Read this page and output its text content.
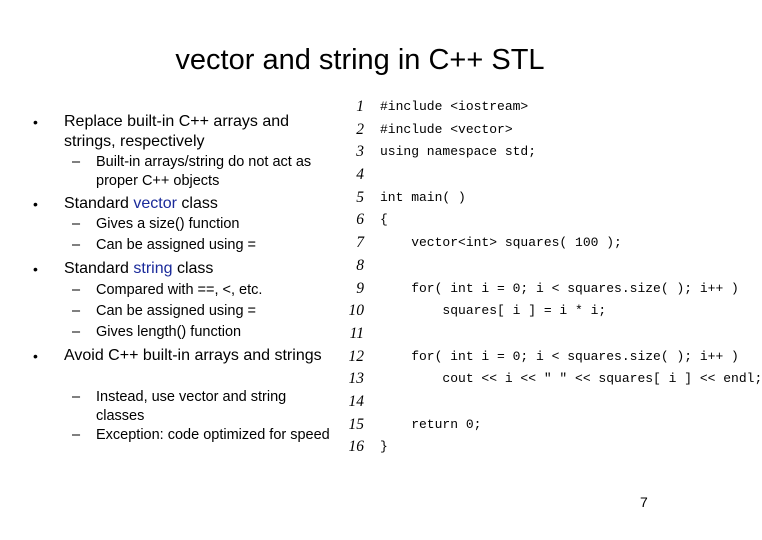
vector and string in C++ STL
• Replace built-in C++ arrays and strings, respectively
– Built-in arrays/string do not act as proper C++ objects
• Standard vector class
– Gives a size() function
– Can be assigned using =
• Standard string class
– Compared with ==, <, etc.
– Can be assigned using =
– Gives length() function
• Avoid C++ built-in arrays and strings
– Instead, use vector and string classes
– Exception: code optimized for speed
1
2
3
4
5
6
7
8
9
10
11
12
13
14
15
16
#include <iostream>
#include <vector>
using namespace std;
int main( )
{
vector<int> squares( 100 );
for( int i = 0; i < squares.size( ); i++ )
squares[ i ] = i * i;
for( int i = 0; i < squares.size( ); i++ )
cout << i << " " << squares[ i ] << endl;
return 0;
}
7
